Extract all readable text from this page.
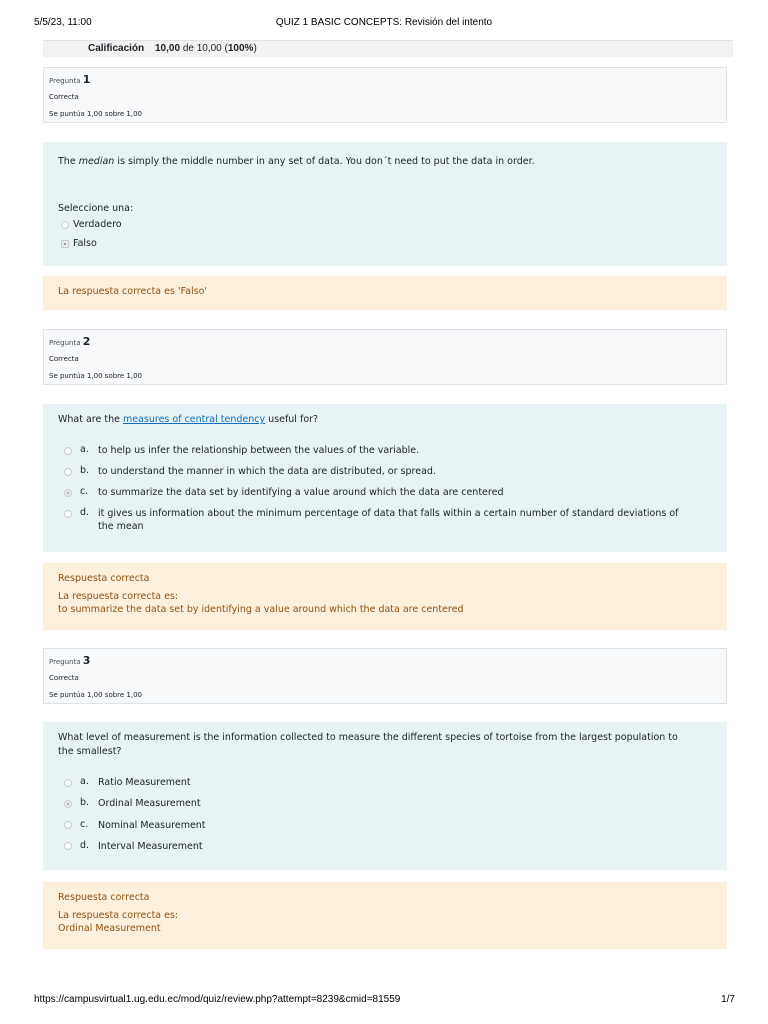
5/5/23, 11:00	QUIZ 1 BASIC CONCEPTS: Revisión del intento
Calificación 10,00 de 10,00 (100%)
Pregunta 1
Correcta
Se puntúa 1,00 sobre 1,00
The median is simply the middle number in any set of data. You don´t need to put the data in order.
Seleccione una:
Verdadero
Falso
La respuesta correcta es 'Falso'
Pregunta 2
Correcta
Se puntúa 1,00 sobre 1,00
What are the measures of central tendency useful for?
a. to help us infer the relationship between the values of the variable.
b. to understand the manner in which the data are distributed, or spread.
c. to summarize the data set by identifying a value around which the data are centered
d. it gives us information about the minimum percentage of data that falls within a certain number of standard deviations of the mean
Respuesta correcta
La respuesta correcta es:
to summarize the data set by identifying a value around which the data are centered
Pregunta 3
Correcta
Se puntúa 1,00 sobre 1,00
What level of measurement is the information collected to measure the different species of tortoise from the largest population to the smallest?
a. Ratio Measurement
b. Ordinal Measurement
c. Nominal Measurement
d. Interval Measurement
Respuesta correcta
La respuesta correcta es:
Ordinal Measurement
https://campusvirtual1.ug.edu.ec/mod/quiz/review.php?attempt=8239&cmid=81559	1/7
